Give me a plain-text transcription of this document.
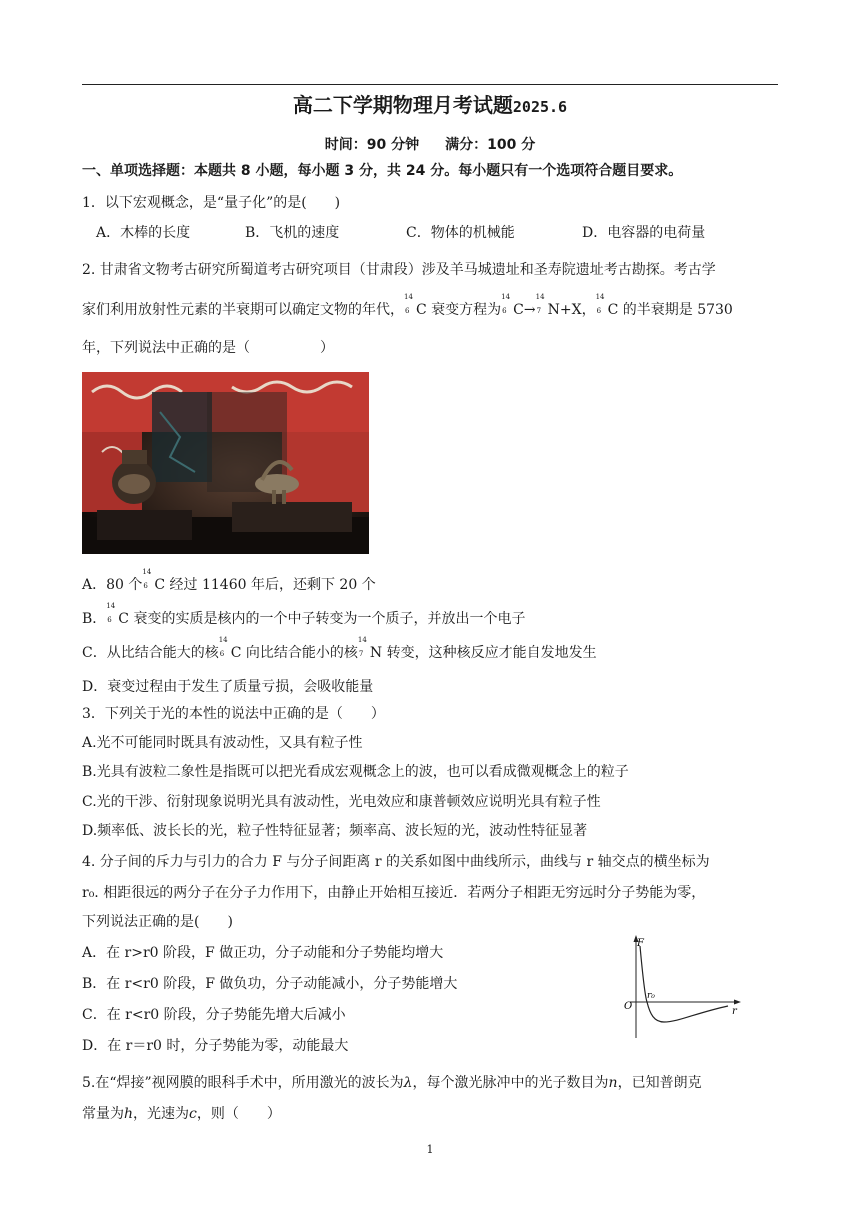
高二下学期物理月考试题2025.6
时间：90 分钟 满分：100 分
一、单项选择题：本题共 8 小题，每小题 3 分，共 24 分。每小题只有一个选项符合题目要求。
1．以下宏观概念，是“量子化”的是(　　)
A．木棒的长度	B．飞机的速度	C．物体的机械能	D．电容器的电荷量
2. 甘肃省文物考古研究所蜀道考古研究项目（甘肃段）涉及羊马城遗址和圣寿院遗址考古勘探。考古学
家们利用放射性元素的半衰期可以确定文物的年代，
14
6 C 衰变方程为
14
6 C→
14
7 N+X，
14
6 C 的半衰期是 5730
年，下列说法中正确的是（　　　　　）
A．80 个
14
6 C 经过 11460 年后，还剩下 20 个
B．
14
6 C 衰变的实质是核内的一个中子转变为一个质子，并放出一个电子
C．从比结合能大的核
14
6 C 向比结合能小的核
14
7 N 转变，这种核反应才能自发地发生
D．衰变过程由于发生了质量亏损，会吸收能量
3．下列关于光的本性的说法中正确的是（　　）
A.光不可能同时既具有波动性，又具有粒子性
B.光具有波粒二象性是指既可以把光看成宏观概念上的波，也可以看成微观概念上的粒子
C.光的干涉、衍射现象说明光具有波动性，光电效应和康普顿效应说明光具有粒子性
D.频率低、波长长的光，粒子性特征显著；频率高、波长短的光，波动性特征显著
4. 分子间的斥力与引力的合力 F 与分子间距离 r 的关系如图中曲线所示，曲线与 r 轴交点的横坐标为
r₀. 相距很远的两分子在分子力作用下，由静止开始相互接近．若两分子相距无穷远时分子势能为零，
下列说法正确的是(　　)
A．在 r>r0 阶段，F 做正功，分子动能和分子势能均增大
B．在 r<r0 阶段，F 做负功，分子动能减小，分子势能增大
C．在 r<r0 阶段，分子势能先增大后减小
D．在 r＝r0 时，分子势能为零，动能最大
F
O
r₀
r
5.在“焊接”视网膜的眼科手术中，所用激光的波长为λ，每个激光脉冲中的光子数目为n，已知普朗克
常量为h，光速为c，则（　　）
1
